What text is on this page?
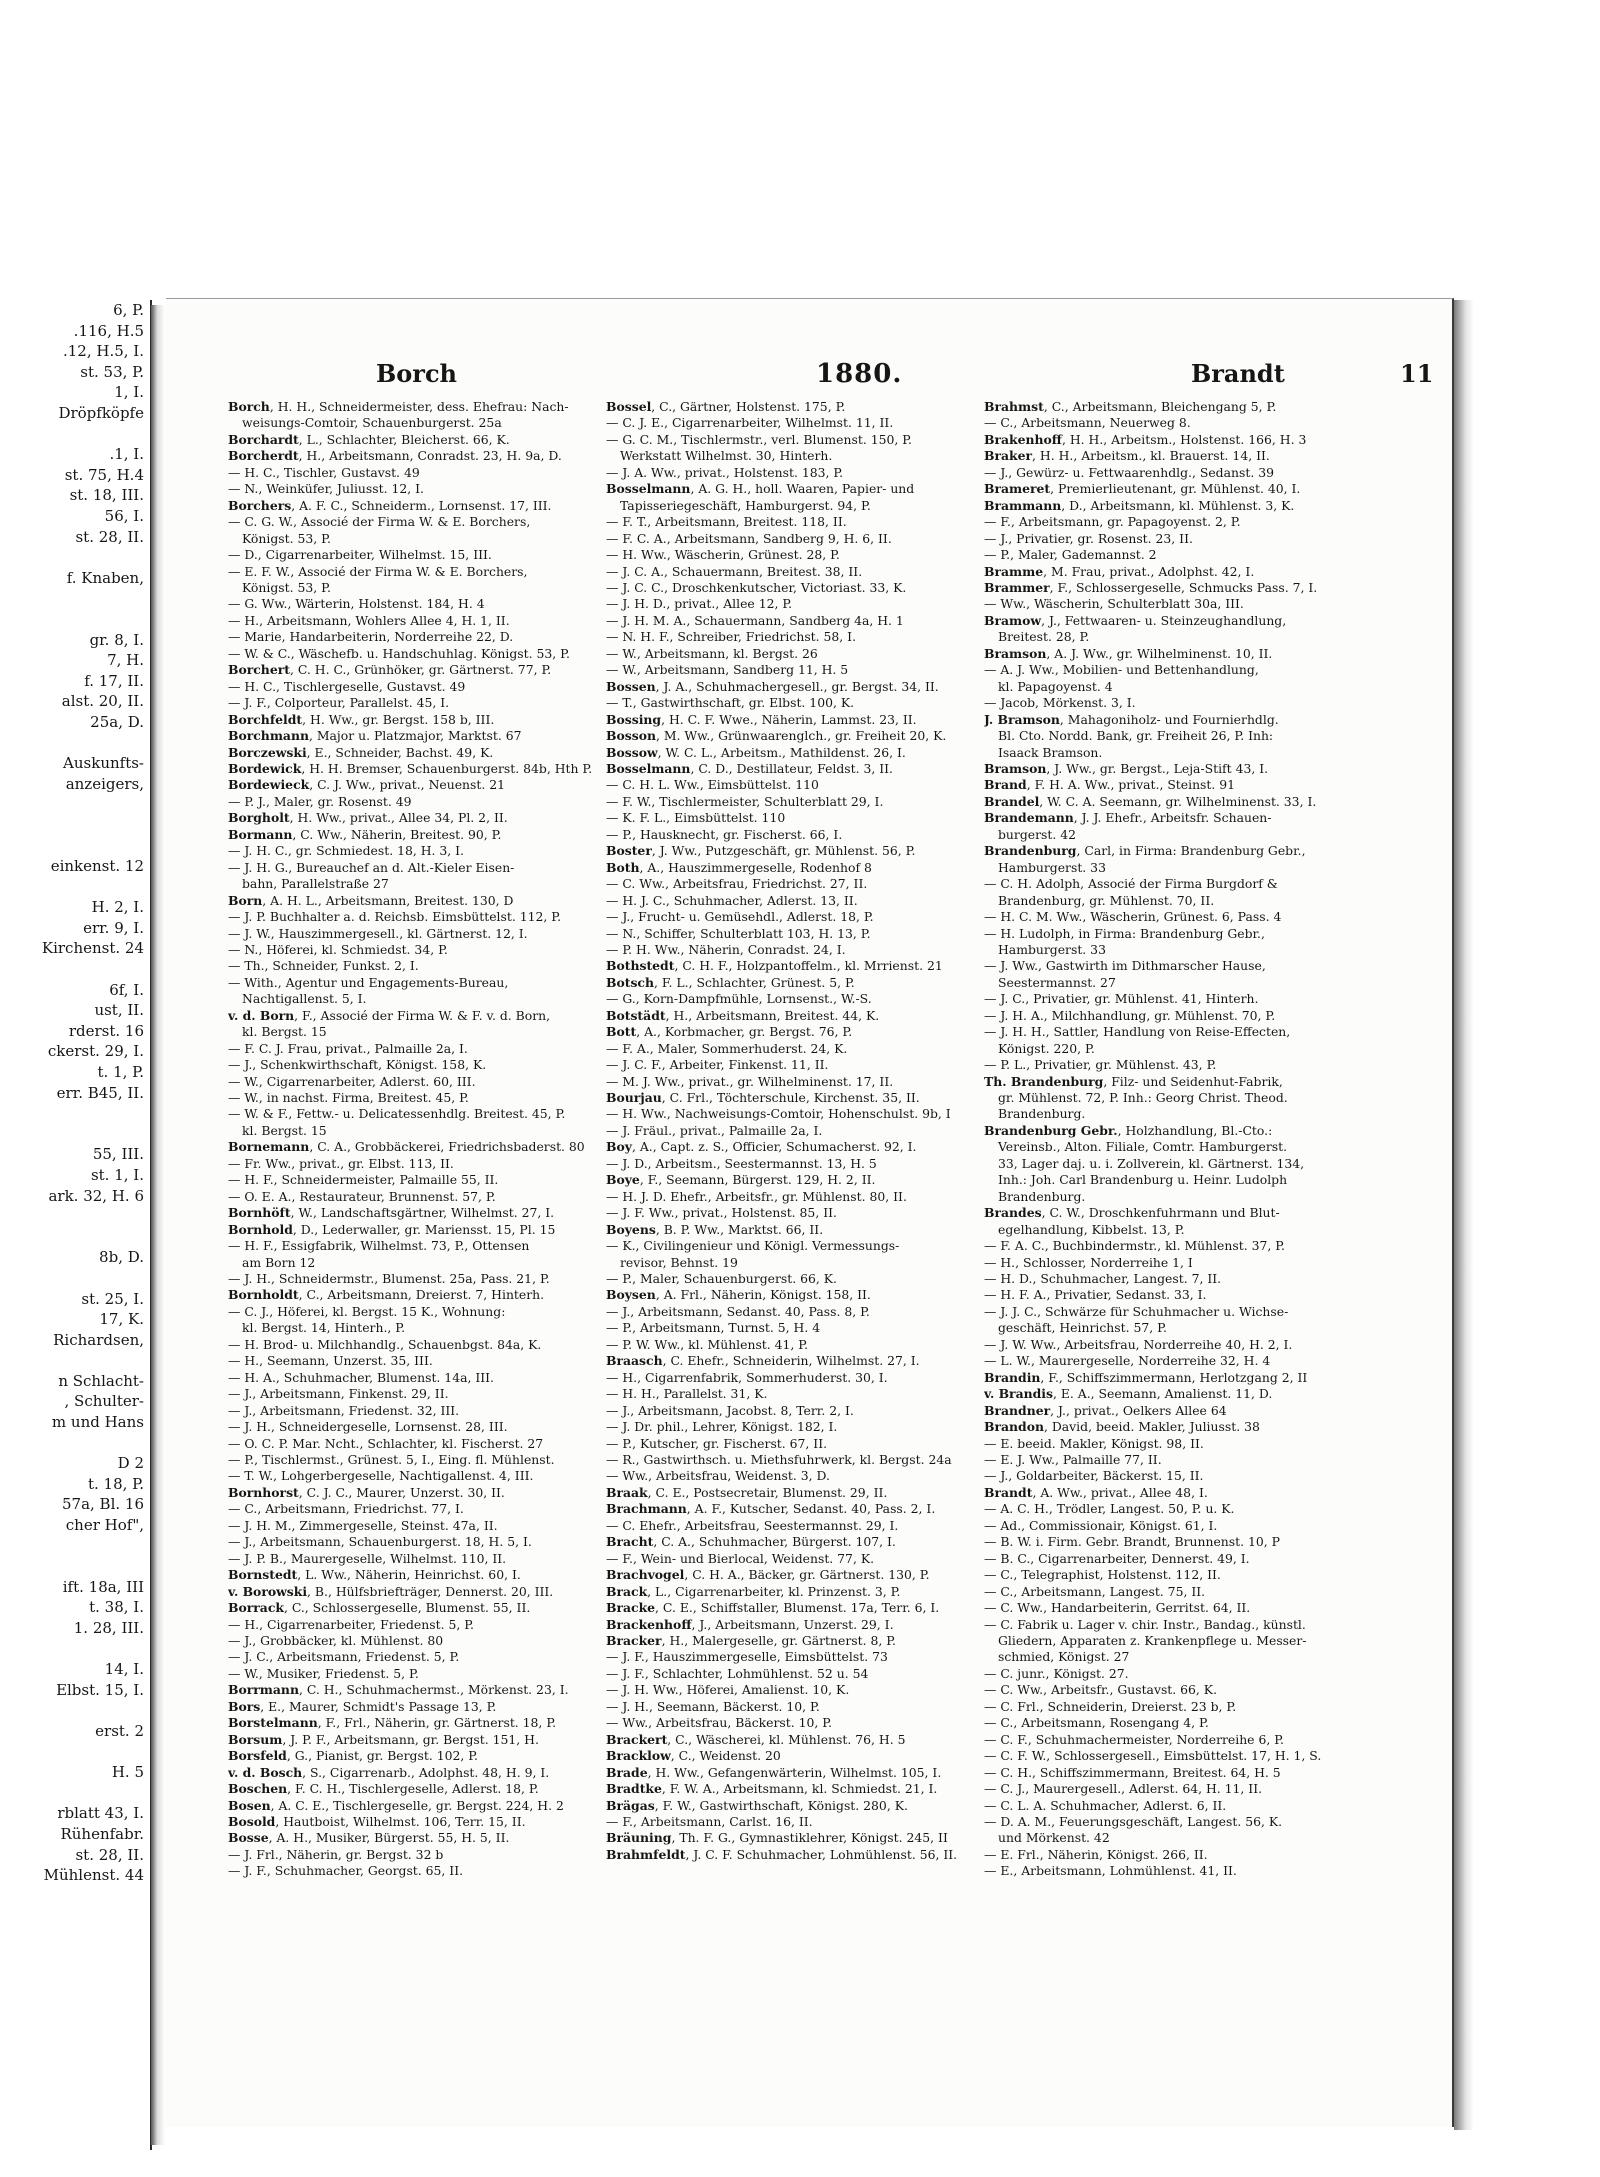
6, P.
.116, H.5
.12, H.5, I.
st. 53, P.
1, I.
Dröpfköpfe

.1, I.
st. 75, H.4
st. 18, III.
56, I.
st. 28, II.

f. Knaben,

gr. 8, I.
7, H.
f. 17, II.
alst. 20, II.
25a, D.

Auskunfts-
anzeigers,

einkenst. 12

H. 2, I.
err. 9, I.
Kirchenst. 24

6f, I.
ust, II.
rderst. 16
ckerst. 29, I.
t. 1, P.
err. B45, II.

55, III.
st. 1, I.
ark. 32, H. 6

8b, D.

st. 25, I.
17, K.
Richardsen,

n Schlacht-
, Schulter-
m und Hans

D 2
t. 18, P.
57a, Bl. 16
cher Hof",

ift. 18a, III
t. 38, I.
1. 28, III.

14, I.
Elbst. 15, I.

erst. 2

H. 5

rblatt 43, I.
Rühenfabr.
st. 28, II.
Mühlenst. 44
Borch	1880.	Brandt	11
Borch, H. H., Schneidermeister, dess. Ehefrau: Nach-
weisungs-Comtoir, Schauenburgerst. 25a
Borchardt, L., Schlachter, Bleicherst. 66, K.
Borcherdt, H., Arbeitsmann, Conradst. 23, H. 9a, D.
— H. C., Tischler, Gustavst. 49
— N., Weinküfer, Juliusst. 12, I.
Borchers, A. F. C., Schneiderm., Lornsenst. 17, III.
— C. G. W., Associé der Firma W. & E. Borchers,
Königst. 53, P.
— D., Cigarrenarbeiter, Wilhelmst. 15, III.
— E. F. W., Associé der Firma W. & E. Borchers,
Königst. 53, P.
— G. Ww., Wärterin, Holstenst. 184, H. 4
— H., Arbeitsmann, Wohlers Allee 4, H. 1, II.
— Marie, Handarbeiterin, Norderreihe 22, D.
— W. & C., Wäschefb. u. Handschuhlag. Königst. 53, P.
Borchert, C. H. C., Grünhöker, gr. Gärtnerst. 77, P.
— H. C., Tischlergeselle, Gustavst. 49
— J. F., Colporteur, Parallelst. 45, I.
Borchfeldt, H. Ww., gr. Bergst. 158 b, III.
Borchmann, Major u. Platzmajor, Marktst. 67
Borczewski, E., Schneider, Bachst. 49, K.
Bordewick, H. H. Bremser, Schauenburgerst. 84b, Hth P.
Bordewieck, C. J. Ww., privat., Neuenst. 21
— P. J., Maler, gr. Rosenst. 49
Borgholt, H. Ww., privat., Allee 34, Pl. 2, II.
Bormann, C. Ww., Näherin, Breitest. 90, P.
— J. H. C., gr. Schmiedest. 18, H. 3, I.
— J. H. G., Bureauchef an d. Alt.-Kieler Eisen-
bahn, Parallelstraße 27
Born, A. H. L., Arbeitsmann, Breitest. 130, D
— J. P. Buchhalter a. d. Reichsb. Eimsbüttelst. 112, P.
— J. W., Hauszimmergesell., kl. Gärtnerst. 12, I.
— N., Höferei, kl. Schmiedst. 34, P.
— Th., Schneider, Funkst. 2, I.
— With., Agentur und Engagements-Bureau,
Nachtigallenst. 5, I.
v. d. Born, F., Associé der Firma W. & F. v. d. Born,
kl. Bergst. 15
— F. C. J. Frau, privat., Palmaille 2a, I.
— J., Schenkwirthschaft, Königst. 158, K.
— W., Cigarrenarbeiter, Adlerst. 60, III.
— W., in nachst. Firma, Breitest. 45, P.
— W. & F., Fettw.- u. Delicatessenhdlg. Breitest. 45, P.
kl. Bergst. 15
Bornemann, C. A., Grobbäckerei, Friedrichsbaderst. 80
— Fr. Ww., privat., gr. Elbst. 113, II.
— H. F., Schneidermeister, Palmaille 55, II.
— O. E. A., Restaurateur, Brunnenst. 57, P.
Bornhöft, W., Landschaftsgärtner, Wilhelmst. 27, I.
Bornhold, D., Lederwaller, gr. Mariensst. 15, Pl. 15
— H. F., Essigfabrik, Wilhelmst. 73, P., Ottensen
am Born 12
— J. H., Schneidermstr., Blumenst. 25a, Pass. 21, P.
Bornholdt, C., Arbeitsmann, Dreierst. 7, Hinterh.
— C. J., Höferei, kl. Bergst. 15 K., Wohnung:
kl. Bergst. 14, Hinterh., P.
— H. Brod- u. Milchhandlg., Schauenbgst. 84a, K.
— H., Seemann, Unzerst. 35, III.
— H. A., Schuhmacher, Blumenst. 14a, III.
— J., Arbeitsmann, Finkenst. 29, II.
— J., Arbeitsmann, Friedenst. 32, III.
— J. H., Schneidergeselle, Lornsenst. 28, III.
— O. C. P. Mar. Ncht., Schlachter, kl. Fischerst. 27
— P., Tischlermst., Grünest. 5, I., Eing. fl. Mühlenst.
— T. W., Lohgerbergeselle, Nachtigallenst. 4, III.
Bornhorst, C. J. C., Maurer, Unzerst. 30, II.
— C., Arbeitsmann, Friedrichst. 77, I.
— J. H. M., Zimmergeselle, Steinst. 47a, II.
— J., Arbeitsmann, Schauenburgerst. 18, H. 5, I.
— J. P. B., Maurergeselle, Wilhelmst. 110, II.
Bornstedt, L. Ww., Näherin, Heinrichst. 60, I.
v. Borowski, B., Hülfsbriefträger, Dennerst. 20, III.
Borrack, C., Schlossergeselle, Blumenst. 55, II.
— H., Cigarrenarbeiter, Friedenst. 5, P.
— J., Grobbäcker, kl. Mühlenst. 80
— J. C., Arbeitsmann, Friedenst. 5, P.
— W., Musiker, Friedenst. 5, P.
Borrmann, C. H., Schuhmachermst., Mörkenst. 23, I.
Bors, E., Maurer, Schmidt's Passage 13, P.
Borstelmann, F., Frl., Näherin, gr. Gärtnerst. 18, P.
Borsum, J. P. F., Arbeitsmann, gr. Bergst. 151, H.
Borsfeld, G., Pianist, gr. Bergst. 102, P.
v. d. Bosch, S., Cigarrenarb., Adolphst. 48, H. 9, I.
Boschen, F. C. H., Tischlergeselle, Adlerst. 18, P.
Bosen, A. C. E., Tischlergeselle, gr. Bergst. 224, H. 2
Bosold, Hautboist, Wilhelmst. 106, Terr. 15, II.
Bosse, A. H., Musiker, Bürgerst. 55, H. 5, II.
— J. Frl., Näherin, gr. Bergst. 32 b
— J. F., Schuhmacher, Georgst. 65, II.
Bossel, C., Gärtner, Holstenst. 175, P.
— C. J. E., Cigarrenarbeiter, Wilhelmst. 11, II.
— G. C. M., Tischlermstr., verl. Blumenst. 150, P.
Werkstatt Wilhelmst. 30, Hinterh.
— J. A. Ww., privat., Holstenst. 183, P.
Bosselmann, A. G. H., holl. Waaren, Papier- und
Tapisseriegeschäft, Hamburgerst. 94, P.
— F. T., Arbeitsmann, Breitest. 118, II.
— F. C. A., Arbeitsmann, Sandberg 9, H. 6, II.
— H. Ww., Wäscherin, Grünest. 28, P.
— J. C. A., Schauermann, Breitest. 38, II.
— J. C. C., Droschkenkutscher, Victoriast. 33, K.
— J. H. D., privat., Allee 12, P.
— J. H. M. A., Schauermann, Sandberg 4a, H. 1
— N. H. F., Schreiber, Friedrichst. 58, I.
— W., Arbeitsmann, kl. Bergst. 26
— W., Arbeitsmann, Sandberg 11, H. 5
Bossen, J. A., Schuhmachergesell., gr. Bergst. 34, II.
— T., Gastwirthschaft, gr. Elbst. 100, K.
Bossing, H. C. F. Wwe., Näherin, Lammst. 23, II.
Bosson, M. Ww., Grünwaarenglch., gr. Freiheit 20, K.
Bossow, W. C. L., Arbeitsm., Mathildenst. 26, I.
Bosselmann, C. D., Destillateur, Feldst. 3, II.
— C. H. L. Ww., Eimsbüttelst. 110
— F. W., Tischlermeister, Schulterblatt 29, I.
— K. F. L., Eimsbüttelst. 110
— P., Hausknecht, gr. Fischerst. 66, I.
Boster, J. Ww., Putzgeschäft, gr. Mühlenst. 56, P.
Both, A., Hauszimmergeselle, Rodenhof 8
— C. Ww., Arbeitsfrau, Friedrichst. 27, II.
— H. J. C., Schuhmacher, Adlerst. 13, II.
— J., Frucht- u. Gemüsehdl., Adlerst. 18, P.
— N., Schiffer, Schulterblatt 103, H. 13, P.
— P. H. Ww., Näherin, Conradst. 24, I.
Bothstedt, C. H. F., Holzpantoffelm., kl. Mrrienst. 21
Botsch, F. L., Schlachter, Grünest. 5, P.
— G., Korn-Dampfmühle, Lornsenst., W.-S.
Botstädt, H., Arbeitsmann, Breitest. 44, K.
Bott, A., Korbmacher, gr. Bergst. 76, P.
— F. A., Maler, Sommerhuderst. 24, K.
— J. C. F., Arbeiter, Finkenst. 11, II.
— M. J. Ww., privat., gr. Wilhelminenst. 17, II.
Bourjau, C. Frl., Töchterschule, Kirchenst. 35, II.
— H. Ww., Nachweisungs-Comtoir, Hohenschulst. 9b, I
— J. Fräul., privat., Palmaille 2a, I.
Boy, A., Capt. z. S., Officier, Schumacherst. 92, I.
— J. D., Arbeitsm., Seestermannst. 13, H. 5
Boye, F., Seemann, Bürgerst. 129, H. 2, II.
— H. J. D. Ehefr., Arbeitsfr., gr. Mühlenst. 80, II.
— J. F. Ww., privat., Holstenst. 85, II.
Boyens, B. P. Ww., Marktst. 66, II.
— K., Civilingenieur und Königl. Vermessungs-
revisor, Behnst. 19
— P., Maler, Schauenburgerst. 66, K.
Boysen, A. Frl., Näherin, Königst. 158, II.
— J., Arbeitsmann, Sedanst. 40, Pass. 8, P.
— P., Arbeitsmann, Turnst. 5, H. 4
— P. W. Ww., kl. Mühlenst. 41, P.
Braasch, C. Ehefr., Schneiderin, Wilhelmst. 27, I.
— H., Cigarrenfabrik, Sommerhuderst. 30, I.
— H. H., Parallelst. 31, K.
— J., Arbeitsmann, Jacobst. 8, Terr. 2, I.
— J. Dr. phil., Lehrer, Königst. 182, I.
— P., Kutscher, gr. Fischerst. 67, II.
— R., Gastwirthsch. u. Miethsfuhrwerk, kl. Bergst. 24a
— Ww., Arbeitsfrau, Weidenst. 3, D.
Braak, C. E., Postsecretair, Blumenst. 29, II.
Brachmann, A. F., Kutscher, Sedanst. 40, Pass. 2, I.
— C. Ehefr., Arbeitsfrau, Seestermannst. 29, I.
Bracht, C. A., Schuhmacher, Bürgerst. 107, I.
— F., Wein- und Bierlocal, Weidenst. 77, K.
Brachvogel, C. H. A., Bäcker, gr. Gärtnerst. 130, P.
Brack, L., Cigarrenarbeiter, kl. Prinzenst. 3, P.
Bracke, C. E., Schiffstaller, Blumenst. 17a, Terr. 6, I.
Brackenhoff, J., Arbeitsmann, Unzerst. 29, I.
Bracker, H., Malergeselle, gr. Gärtnerst. 8, P.
— J. F., Hauszimmergeselle, Eimsbüttelst. 73
— J. F., Schlachter, Lohmühlenst. 52 u. 54
— J. H. Ww., Höferei, Amalienst. 10, K.
— J. H., Seemann, Bäckerst. 10, P.
— Ww., Arbeitsfrau, Bäckerst. 10, P.
Brackert, C., Wäscherei, kl. Mühlenst. 76, H. 5
Bracklow, C., Weidenst. 20
Brade, H. Ww., Gefangenwärterin, Wilhelmst. 105, I.
Bradtke, F. W. A., Arbeitsmann, kl. Schmiedst. 21, I.
Brägas, F. W., Gastwirthschaft, Königst. 280, K.
— F., Arbeitsmann, Carlst. 16, II.
Bräuning, Th. F. G., Gymnastiklehrer, Königst. 245, II
Brahmfeldt, J. C. F. Schuhmacher, Lohmühlenst. 56, II.
Brahmst, C., Arbeitsmann, Bleichengang 5, P.
— C., Arbeitsmann, Neuerweg 8.
Brakenhoff, H. H., Arbeitsm., Holstenst. 166, H. 3
Braker, H. H., Arbeitsm., kl. Brauerst. 14, II.
— J., Gewürz- u. Fettwaarenhdlg., Sedanst. 39
Brameret, Premierlieutenant, gr. Mühlenst. 40, I.
Brammann, D., Arbeitsmann, kl. Mühlenst. 3, K.
— F., Arbeitsmann, gr. Papagoyenst. 2, P.
— J., Privatier, gr. Rosenst. 23, II.
— P., Maler, Gademannst. 2
Bramme, M. Frau, privat., Adolphst. 42, I.
Brammer, F., Schlossergeselle, Schmucks Pass. 7, I.
— Ww., Wäscherin, Schulterblatt 30a, III.
Bramow, J., Fettwaaren- u. Steinzeughandlung,
Breitest. 28, P.
Bramson, A. J. Ww., gr. Wilhelminenst. 10, II.
— A. J. Ww., Mobilien- und Bettenhandlung,
kl. Papagoyenst. 4
— Jacob, Mörkenst. 3, I.
J. Bramson, Mahagoniholz- und Fournierhdlg.
Bl. Cto. Nordd. Bank, gr. Freiheit 26, P. Inh:
Isaack Bramson.
Bramson, J. Ww., gr. Bergst., Leja-Stift 43, I.
Brand, F. H. A. Ww., privat., Steinst. 91
Brandel, W. C. A. Seemann, gr. Wilhelminenst. 33, I.
Brandemann, J. J. Ehefr., Arbeitsfr. Schauen-
burgerst. 42
Brandenburg, Carl, in Firma: Brandenburg Gebr.,
Hamburgerst. 33
— C. H. Adolph, Associé der Firma Burgdorf &
Brandenburg, gr. Mühlenst. 70, II.
— H. C. M. Ww., Wäscherin, Grünest. 6, Pass. 4
— H. Ludolph, in Firma: Brandenburg Gebr.,
Hamburgerst. 33
— J. Ww., Gastwirth im Dithmarscher Hause,
Seestermannst. 27
— J. C., Privatier, gr. Mühlenst. 41, Hinterh.
— J. H. A., Milchhandlung, gr. Mühlenst. 70, P.
— J. H. H., Sattler, Handlung von Reise-Effecten,
Königst. 220, P.
— P. L., Privatier, gr. Mühlenst. 43, P.
Th. Brandenburg, Filz- und Seidenhut-Fabrik,
gr. Mühlenst. 72, P. Inh.: Georg Christ. Theod.
Brandenburg.
Brandenburg Gebr., Holzhandlung, Bl.-Cto.:
Vereinsb., Alton. Filiale, Comtr. Hamburgerst.
33, Lager daj. u. i. Zollverein, kl. Gärtnerst. 134,
Inh.: Joh. Carl Brandenburg u. Heinr. Ludolph
Brandenburg.
Brandes, C. W., Droschkenfuhrmann und Blut-
egelhandlung, Kibbelst. 13, P.
— F. A. C., Buchbindermstr., kl. Mühlenst. 37, P.
— H., Schlosser, Norderreihe 1, I
— H. D., Schuhmacher, Langest. 7, II.
— H. F. A., Privatier, Sedanst. 33, I.
— J. J. C., Schwärze für Schuhmacher u. Wichse-
geschäft, Heinrichst. 57, P.
— J. W. Ww., Arbeitsfrau, Norderreihe 40, H. 2, I.
— L. W., Maurergeselle, Norderreihe 32, H. 4
Brandin, F., Schiffszimmermann, Herlotzgang 2, II
v. Brandis, E. A., Seemann, Amalienst. 11, D.
Brandner, J., privat., Oelkers Allee 64
Brandon, David, beeid. Makler, Juliusst. 38
— E. beeid. Makler, Königst. 98, II.
— E. J. Ww., Palmaille 77, II.
— J., Goldarbeiter, Bäckerst. 15, II.
Brandt, A. Ww., privat., Allee 48, I.
— A. C. H., Trödler, Langest. 50, P. u. K.
— Ad., Commissionair, Königst. 61, I.
— B. W. i. Firm. Gebr. Brandt, Brunnenst. 10, P
— B. C., Cigarrenarbeiter, Dennerst. 49, I.
— C., Telegraphist, Holstenst. 112, II.
— C., Arbeitsmann, Langest. 75, II.
— C. Ww., Handarbeiterin, Gerritst. 64, II.
— C. Fabrik u. Lager v. chir. Instr., Bandag., künstl.
Gliedern, Apparaten z. Krankenpflege u. Messer-
schmied, Königst. 27
— C. junr., Königst. 27.
— C. Ww., Arbeitsfr., Gustavst. 66, K.
— C. Frl., Schneiderin, Dreierst. 23 b, P.
— C., Arbeitsmann, Rosengang 4, P.
— C. F., Schuhmachermeister, Norderreihe 6, P.
— C. F. W., Schlossergesell., Eimsbüttelst. 17, H. 1, S.
— C. H., Schiffszimmermann, Breitest. 64, H. 5
— C. J., Maurergesell., Adlerst. 64, H. 11, II.
— C. L. A. Schuhmacher, Adlerst. 6, II.
— D. A. M., Feuerungsgeschäft, Langest. 56, K.
und Mörkenst. 42
— E. Frl., Näherin, Königst. 266, II.
— E., Arbeitsmann, Lohmühlenst. 41, II.
